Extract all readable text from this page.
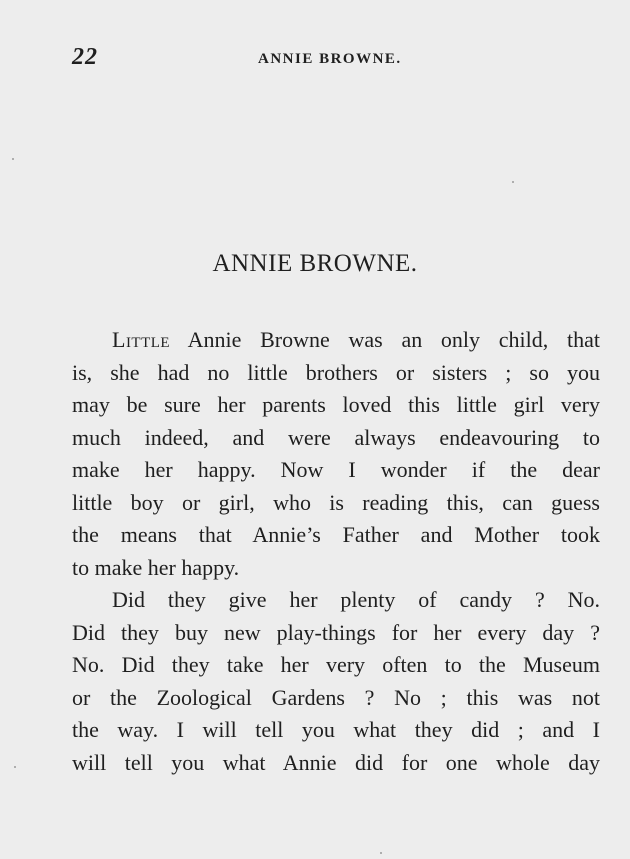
22	ANNIE BROWNE.
ANNIE BROWNE.
Little Annie Browne was an only child, that
is, she had no little brothers or sisters ; so you
may be sure her parents loved this little girl very
much indeed, and were always endeavouring to
make her happy. Now I wonder if the dear
little boy or girl, who is reading this, can guess
the means that Annie’s Father and Mother took
to make her happy.
Did they give her plenty of candy ? No.
Did they buy new play-things for her every day ?
No. Did they take her very often to the Museum
or the Zoological Gardens ? No ; this was not
the way. I will tell you what they did ; and I
will tell you what Annie did for one whole day
